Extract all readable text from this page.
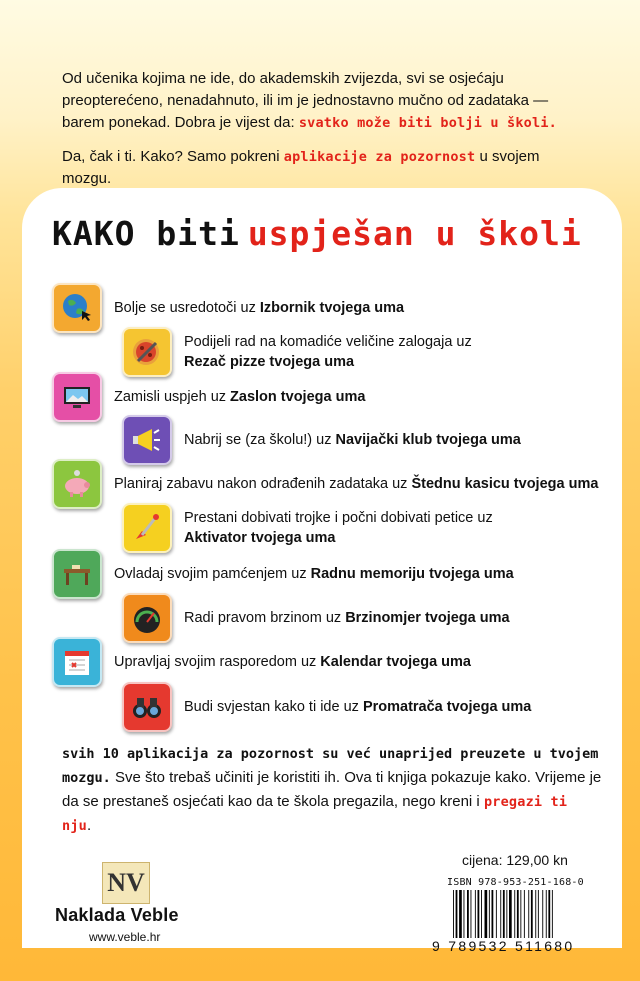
Od učenika kojima ne ide, do akademskih zvijezda, svi se osjećaju preopterećeno, nenadahnuto, ili im je jednostavno mučno od zadataka — barem ponekad. Dobra je vijest da: svatko može biti bolji u školi.

Da, čak i ti. Kako? Samo pokreni aplikacije za pozornost u svojem mozgu.

KAKO biti uspješan u školi
Bolje se usredotoči uz Izbornik tvojega uma
Podijeli rad na komadiće veličine zalogaja uz
Rezač pizze tvojega uma
Zamisli uspjeh uz Zaslon tvojega uma
Nabrij se (za školu!) uz Navijački klub tvojega uma
Planiraj zabavu nakon odrađenih zadataka uz Štednu kasicu tvojega uma
Prestani dobivati trojke i počni dobivati petice uz
Aktivator tvojega uma
Ovladaj svojim pamćenjem uz Radnu memoriju tvojega uma
Radi pravom brzinom uz Brzinomjer tvojega uma
Upravljaj svojim rasporedom uz Kalendar tvojega uma
Budi svjestan kako ti ide uz Promatrača tvojega uma
svih 10 aplikacija za pozornost su već unaprijed preuzete u tvojem mozgu. Sve što trebaš učiniti je koristiti ih. Ova ti knjiga pokazuje kako. Vrijeme je da se prestaneš osjećati kao da te škola pregazila, nego kreni i pregazi ti nju.
NV
Naklada Veble
www.veble.hr
cijena: 129,00 kn
ISBN 978-953-251-168-0
9 789532 511680
